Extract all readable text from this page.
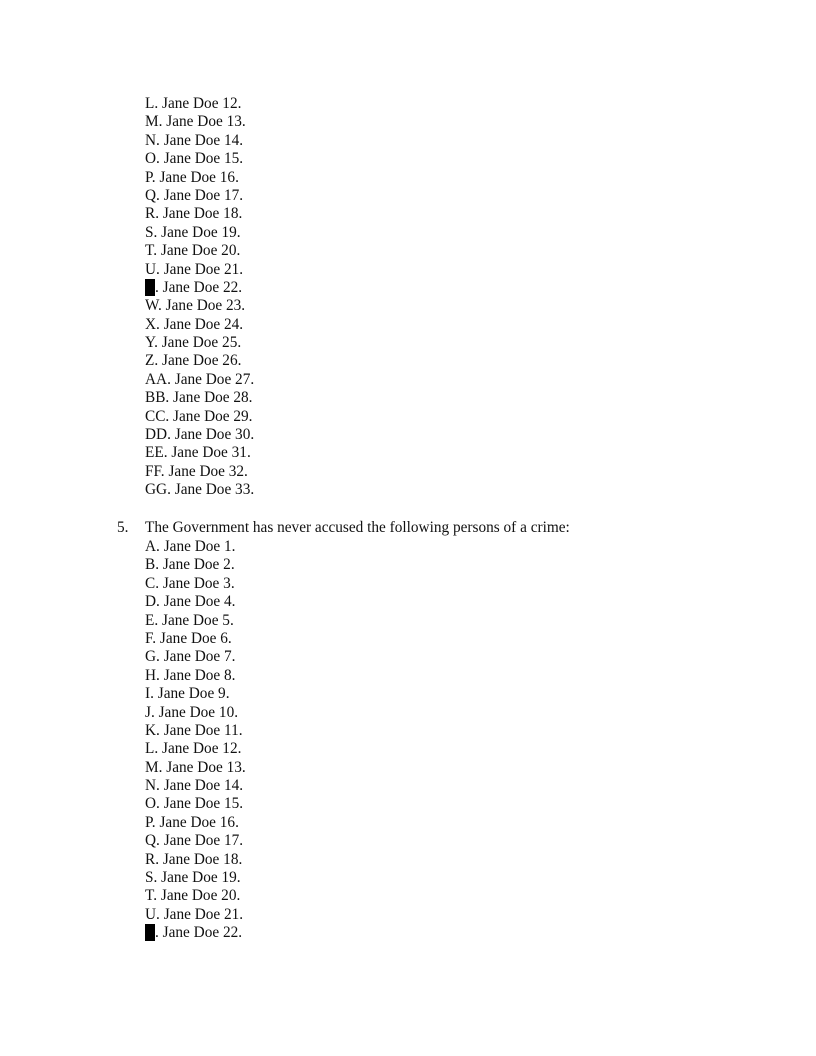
L. Jane Doe 12.
M. Jane Doe 13.
N. Jane Doe 14.
O. Jane Doe 15.
P. Jane Doe 16.
Q. Jane Doe 17.
R. Jane Doe 18.
S. Jane Doe 19.
T. Jane Doe 20.
U. Jane Doe 21.
. Jane Doe 22.
W. Jane Doe 23.
X. Jane Doe 24.
Y. Jane Doe 25.
Z. Jane Doe 26.
AA. Jane Doe 27.
BB. Jane Doe 28.
CC. Jane Doe 29.
DD. Jane Doe 30.
EE. Jane Doe 31.
FF. Jane Doe 32.
GG. Jane Doe 33.
5. The Government has never accused the following persons of a crime:
A. Jane Doe 1.
B. Jane Doe 2.
C. Jane Doe 3.
D. Jane Doe 4.
E. Jane Doe 5.
F. Jane Doe 6.
G. Jane Doe 7.
H. Jane Doe 8.
I. Jane Doe 9.
J. Jane Doe 10.
K. Jane Doe 11.
L. Jane Doe 12.
M. Jane Doe 13.
N. Jane Doe 14.
O. Jane Doe 15.
P. Jane Doe 16.
Q. Jane Doe 17.
R. Jane Doe 18.
S. Jane Doe 19.
T. Jane Doe 20.
U. Jane Doe 21.
. Jane Doe 22.
